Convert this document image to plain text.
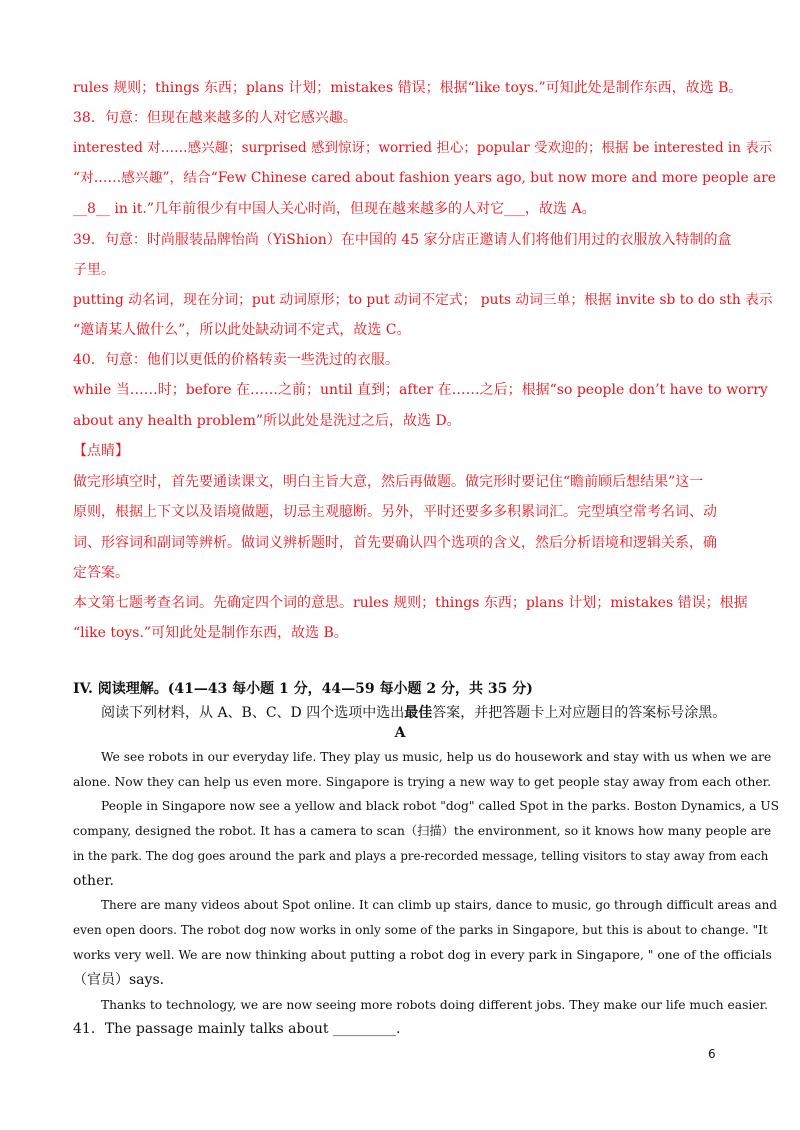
rules 规则；things 东西；plans 计划；mistakes 错误；根据“like toys.”可知此处是制作东西，故选 B。
38．句意：但现在越来越多的人对它感兴趣。
interested 对……感兴趣；surprised 感到惊讶；worried 担心；popular 受欢迎的；根据 be interested in 表示
“对……感兴趣”，结合“Few Chinese cared about fashion years ago, but now more and more people are
__8__ in it.”几年前很少有中国人关心时尚，但现在越来越多的人对它___，故选 A。
39．句意：时尚服装品牌怡尚（YiShion）在中国的 45 家分店正邀请人们将他们用过的衣服放入特制的盒
子里。
putting 动名词，现在分词；put 动词原形；to put 动词不定式； puts 动词三单；根据 invite sb to do sth 表示
“邀请某人做什么”，所以此处缺动词不定式，故选 C。
40．句意：他们以更低的价格转卖一些洗过的衣服。
while 当……时；before 在……之前；until 直到；after 在……之后；根据“so people don’t have to worry
about any health problem”所以此处是洗过之后，故选 D。
【点睛】
做完形填空时，首先要通读课文，明白主旨大意，然后再做题。做完形时要记住“瞻前顾后想结果”这一
原则，根据上下文以及语境做题，切忌主观臆断。另外，平时还要多多积累词汇。完型填空常考名词、动
词、形容词和副词等辨析。做词义辨析题时，首先要确认四个选项的含义，然后分析语境和逻辑关系，确
定答案。
本文第七题考查名词。先确定四个词的意思。rules 规则；things 东西；plans 计划；mistakes 错误；根据
“like toys.”可知此处是制作东西，故选 B。
IV. 阅读理解。(41—43 每小题 1 分，44—59 每小题 2 分，共 35 分)
阅读下列材料，从 A、B、C、D 四个选项中选出最佳答案，并把答题卡上对应题目的答案标号涂黑。
A
We see robots in our everyday life. They play us music, help us do housework and stay with us when we are
alone. Now they can help us even more. Singapore is trying a new way to get people stay away from each other.
People in Singapore now see a yellow and black robot "dog" called Spot in the parks. Boston Dynamics, a US
company, designed the robot. It has a camera to scan（扫描）the environment, so it knows how many people are
in the park. The dog goes around the park and plays a pre-recorded message, telling visitors to stay away from each
other.
There are many videos about Spot online. It can climb up stairs, dance to music, go through difficult areas and
even open doors. The robot dog now works in only some of the parks in Singapore, but this is about to change. "It
works very well. We are now thinking about putting a robot dog in every park in Singapore, " one of the officials
（官员）says.
Thanks to technology, we are now seeing more robots doing different jobs. They make our life much easier.
41．The passage mainly talks about _________.
6
